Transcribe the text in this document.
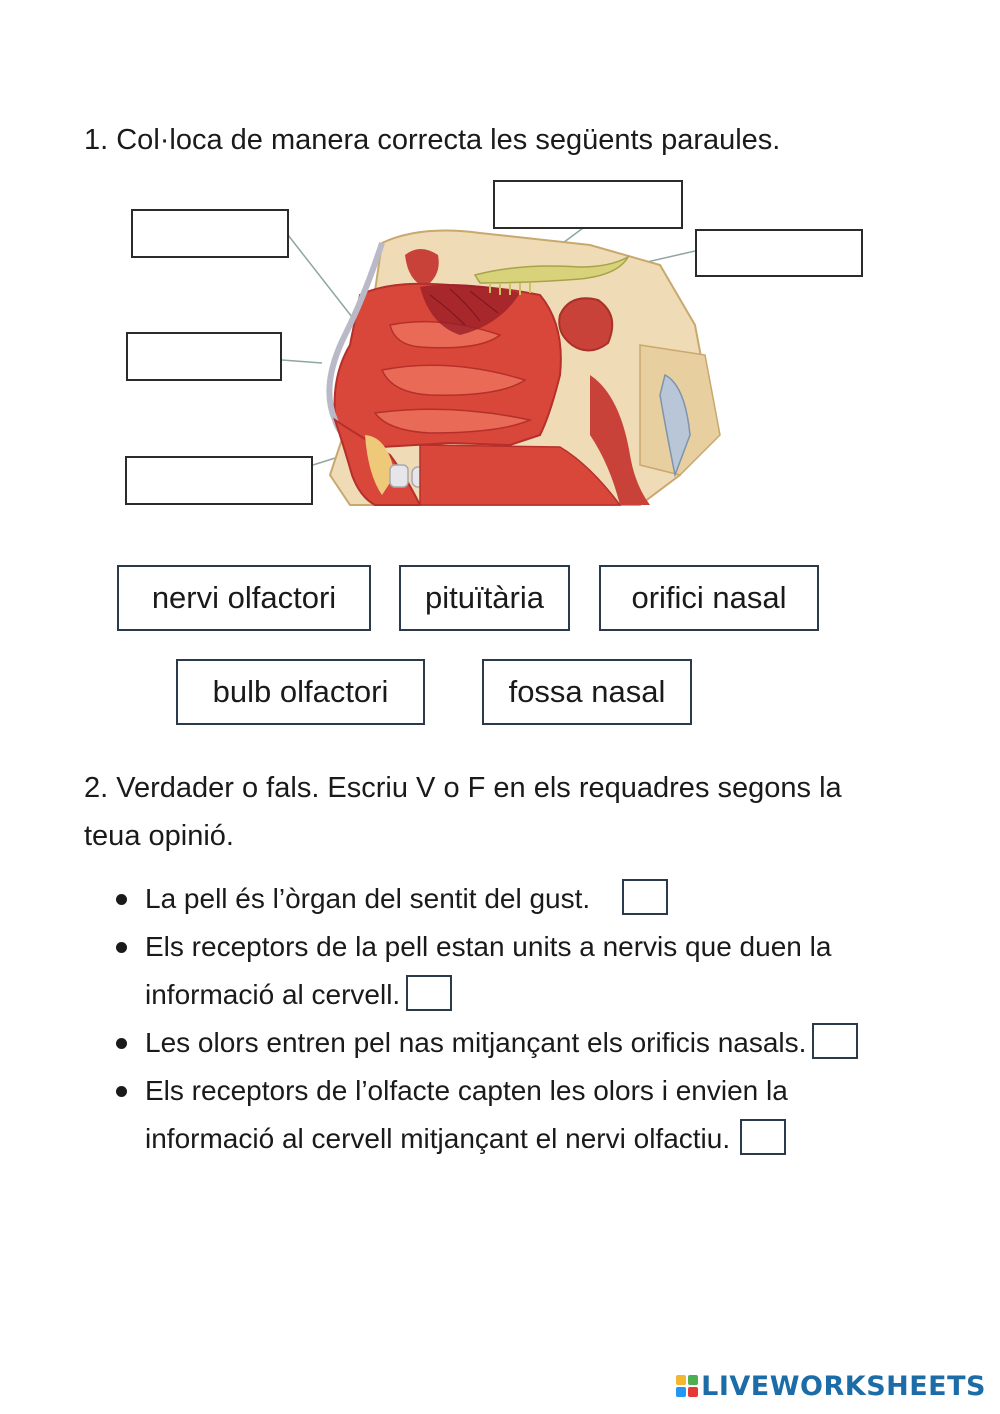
1. Col·loca de manera correcta les següents paraules.
nervi olfactori	pituïtària	orifici nasal
bulb olfactori	fossa nasal
2. Verdader o fals. Escriu V o F en els requadres segons la teua opinió.
La pell és l’òrgan del sentit del gust.
Els receptors de la pell estan units a nervis que duen la informació al cervell.
Les olors entren pel nas mitjançant els orificis nasals.
Els receptors de l’olfacte capten les olors i envien la informació al cervell mitjançant el nervi olfactiu.
LIVEWORKSHEETS
